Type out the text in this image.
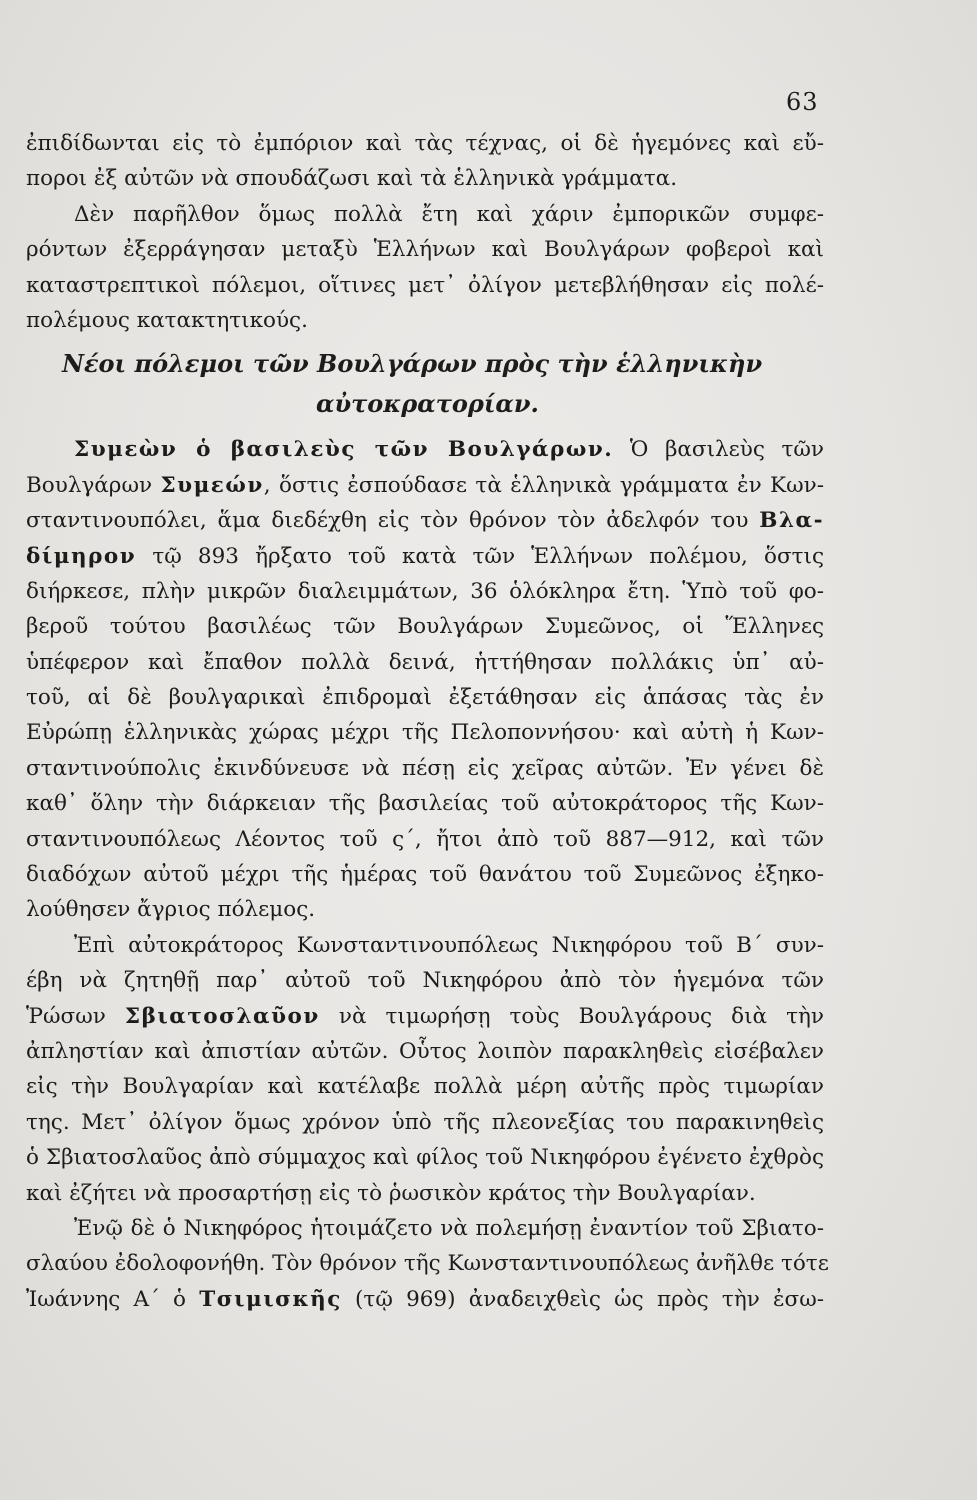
63
ἐπιδίδωνται εἰς τὸ ἐμπόριον καὶ τὰς τέχνας, οἱ δὲ ἡγεμόνες καὶ εὔ-
ποροι ἐξ αὐτῶν νὰ σπουδάζωσι καὶ τὰ ἑλληνικὰ γράμματα.
Δὲν παρῆλθον ὅμως πολλὰ ἔτη καὶ χάριν ἐμπορικῶν συμφε-
ρόντων ἐξερράγησαν μεταξὺ Ἑλλήνων καὶ Βουλγάρων φοβεροὶ καὶ
καταστρεπτικοὶ πόλεμοι, οἵτινες μετ᾽ ὀλίγον μετεβλήθησαν εἰς πολέ-
πολέμους κατακτητικούς.
Νέοι πόλεμοι τῶν Βουλγάρων πρὸς τὴν ἑλληνικὴν
αὐτοκρατορίαν.
Συμεὼν ὁ βασιλεὺς τῶν Βουλγάρων. Ὁ βασιλεὺς τῶν
Βουλγάρων Συμεών, ὅστις ἐσπούδασε τὰ ἑλληνικὰ γράμματα ἐν Κων-
σταντινουπόλει, ἅμα διεδέχθη εἰς τὸν θρόνον τὸν ἀδελφόν του Βλα-
δίμηρον τῷ 893 ἤρξατο τοῦ κατὰ τῶν Ἑλλήνων πολέμου, ὅστις
διήρκεσε, πλὴν μικρῶν διαλειμμάτων, 36 ὁλόκληρα ἔτη. Ὑπὸ τοῦ φο-
βεροῦ τούτου βασιλέως τῶν Βουλγάρων Συμεῶνος, οἱ Ἕλληνες
ὑπέφερον καὶ ἔπαθον πολλὰ δεινά, ἡττήθησαν πολλάκις ὑπ᾽ αὐ-
τοῦ, αἱ δὲ βουλγαρικαὶ ἐπιδρομαὶ ἐξετάθησαν εἰς ἁπάσας τὰς ἐν
Εὐρώπῃ ἑλληνικὰς χώρας μέχρι τῆς Πελοποννήσου· καὶ αὐτὴ ἡ Κων-
σταντινούπολις ἐκινδύνευσε νὰ πέσῃ εἰς χεῖρας αὐτῶν. Ἐν γένει δὲ
καθ᾽ ὅλην τὴν διάρκειαν τῆς βασιλείας τοῦ αὐτοκράτορος τῆς Κων-
σταντινουπόλεως Λέοντος τοῦ ς΄, ἤτοι ἀπὸ τοῦ 887—912, καὶ τῶν
διαδόχων αὐτοῦ μέχρι τῆς ἡμέρας τοῦ θανάτου τοῦ Συμεῶνος ἐξηκο-
λούθησεν ἄγριος πόλεμος.
Ἐπὶ αὐτοκράτορος Κωνσταντινουπόλεως Νικηφόρου τοῦ Β΄ συν-
έβη νὰ ζητηθῇ παρ᾽ αὐτοῦ τοῦ Νικηφόρου ἀπὸ τὸν ἡγεμόνα τῶν
Ῥώσων Σβιατοσλαῦον νὰ τιμωρήσῃ τοὺς Βουλγάρους διὰ τὴν
ἀπληστίαν καὶ ἀπιστίαν αὐτῶν. Οὗτος λοιπὸν παρακληθεὶς εἰσέβαλεν
εἰς τὴν Βουλγαρίαν καὶ κατέλαβε πολλὰ μέρη αὐτῆς πρὸς τιμωρίαν
της. Μετ᾽ ὀλίγον ὅμως χρόνον ὑπὸ τῆς πλεονεξίας του παρακινηθεὶς
ὁ Σβιατοσλαῦος ἀπὸ σύμμαχος καὶ φίλος τοῦ Νικηφόρου ἐγένετο ἐχθρὸς
καὶ ἐζήτει νὰ προσαρτήσῃ εἰς τὸ ῥωσικὸν κράτος τὴν Βουλγαρίαν.
Ἐνῷ δὲ ὁ Νικηφόρος ἡτοιμάζετο νὰ πολεμήσῃ ἐναντίον τοῦ Σβιατο-
σλαύου ἐδολοφονήθη. Τὸν θρόνον τῆς Κωνσταντινουπόλεως ἀνῆλθε τότε
Ἰωάννης Α΄ ὁ Τσιμισκῆς (τῷ 969) ἀναδειχθεὶς ὡς πρὸς τὴν ἐσω-
